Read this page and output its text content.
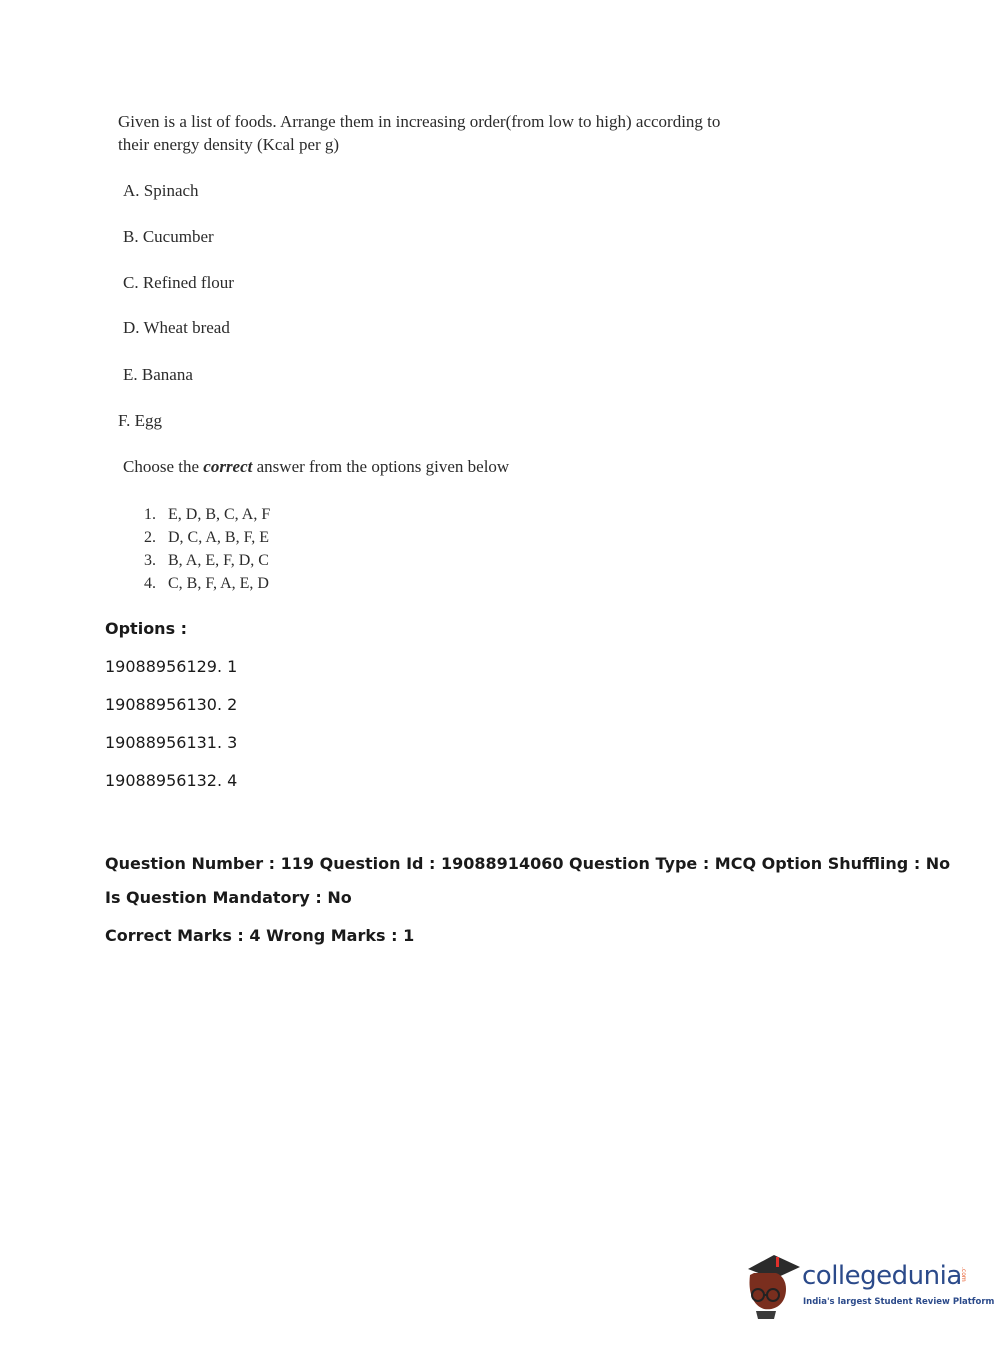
Given is a list of foods. Arrange them in increasing order(from low to high) according to their energy density (Kcal per g)

A. Spinach
B. Cucumber
C. Refined flour
D. Wheat bread
E. Banana
F. Egg
Choose the correct answer from the options given below
1. E, D, B, C, A, F
2. D, C, A, B, F, E
3. B, A, E, F, D, C
4. C, B, F, A, E, D
Options :
19088956129. 1
19088956130. 2
19088956131. 3
19088956132. 4
Question Number : 119 Question Id : 19088914060 Question Type : MCQ Option Shuffling : No
Is Question Mandatory : No
Correct Marks : 4 Wrong Marks : 1
collegedunia
.com
India's largest Student Review Platform
